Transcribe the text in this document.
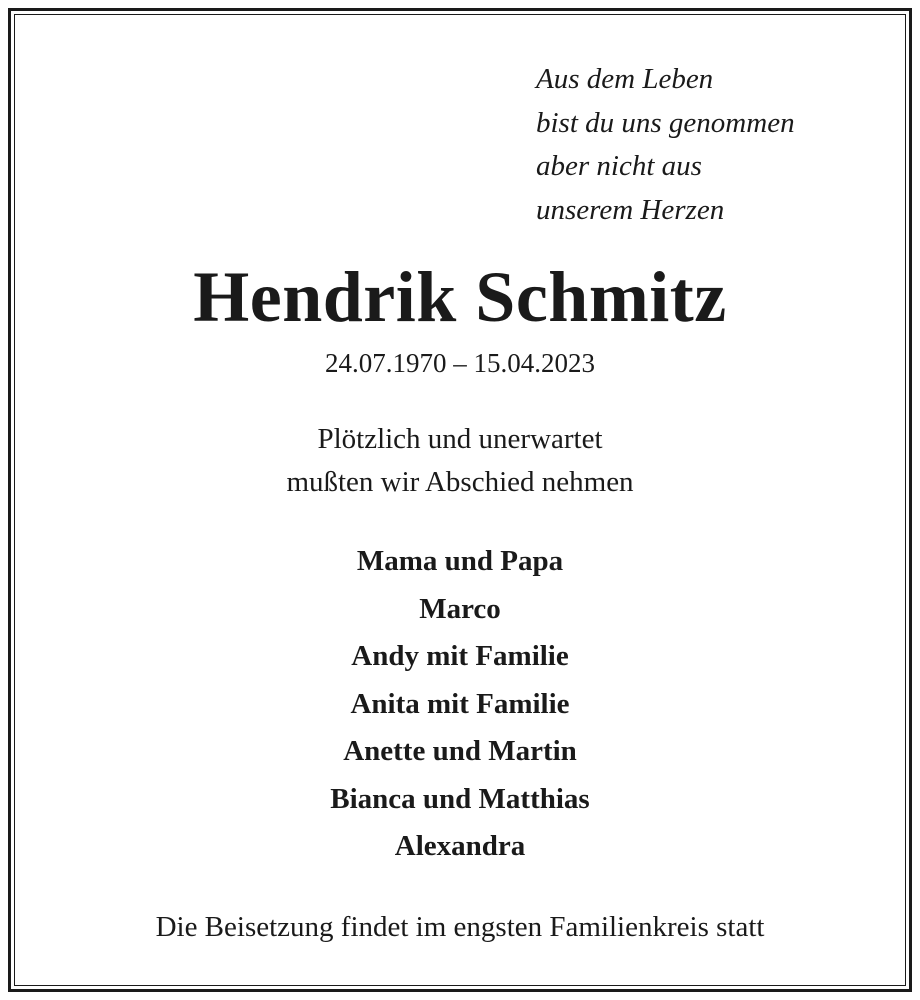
Aus dem Leben
bist du uns genommen
aber nicht aus
unserem Herzen
Hendrik Schmitz
24.07.1970 – 15.04.2023
Plötzlich und unerwartet
mußten wir Abschied nehmen
Mama und Papa
Marco
Andy mit Familie
Anita mit Familie
Anette und Martin
Bianca und Matthias
Alexandra
Die Beisetzung findet im engsten Familienkreis statt
